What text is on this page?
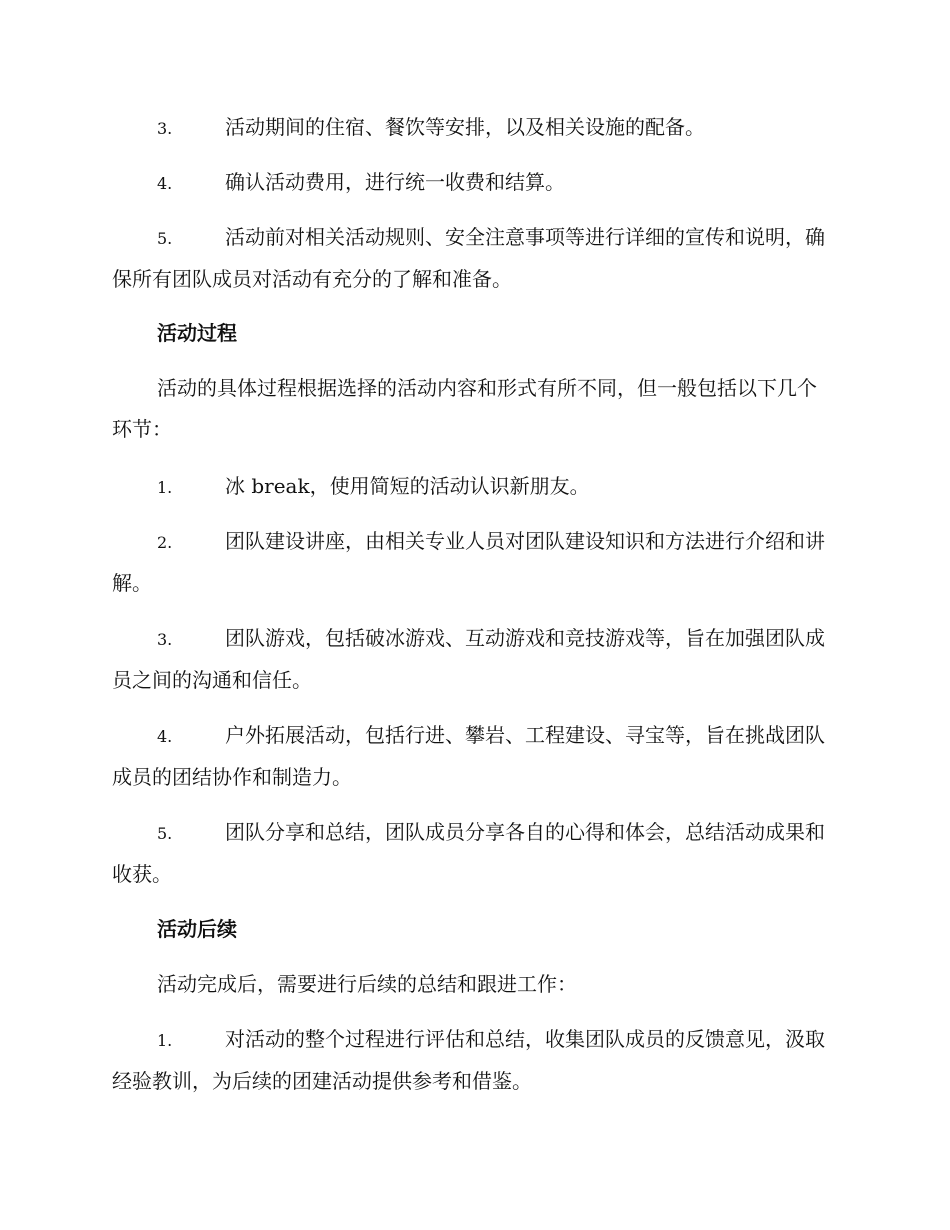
3.	活动期间的住宿、餐饮等安排，以及相关设施的配备。

4.	确认活动费用，进行统一收费和结算。

5.	活动前对相关活动规则、安全注意事项等进行详细的宣传和说明，确保所有团队成员对活动有充分的了解和准备。

活动过程

活动的具体过程根据选择的活动内容和形式有所不同，但一般包括以下几个环节：

1.	冰 break，使用简短的活动认识新朋友。

2.	团队建设讲座，由相关专业人员对团队建设知识和方法进行介绍和讲解。

3.	团队游戏，包括破冰游戏、互动游戏和竞技游戏等，旨在加强团队成员之间的沟通和信任。

4.	户外拓展活动，包括行进、攀岩、工程建设、寻宝等，旨在挑战团队成员的团结协作和制造力。

5.	团队分享和总结，团队成员分享各自的心得和体会，总结活动成果和收获。

活动后续

活动完成后，需要进行后续的总结和跟进工作：

1.	对活动的整个过程进行评估和总结，收集团队成员的反馈意见，汲取经验教训，为后续的团建活动提供参考和借鉴。
